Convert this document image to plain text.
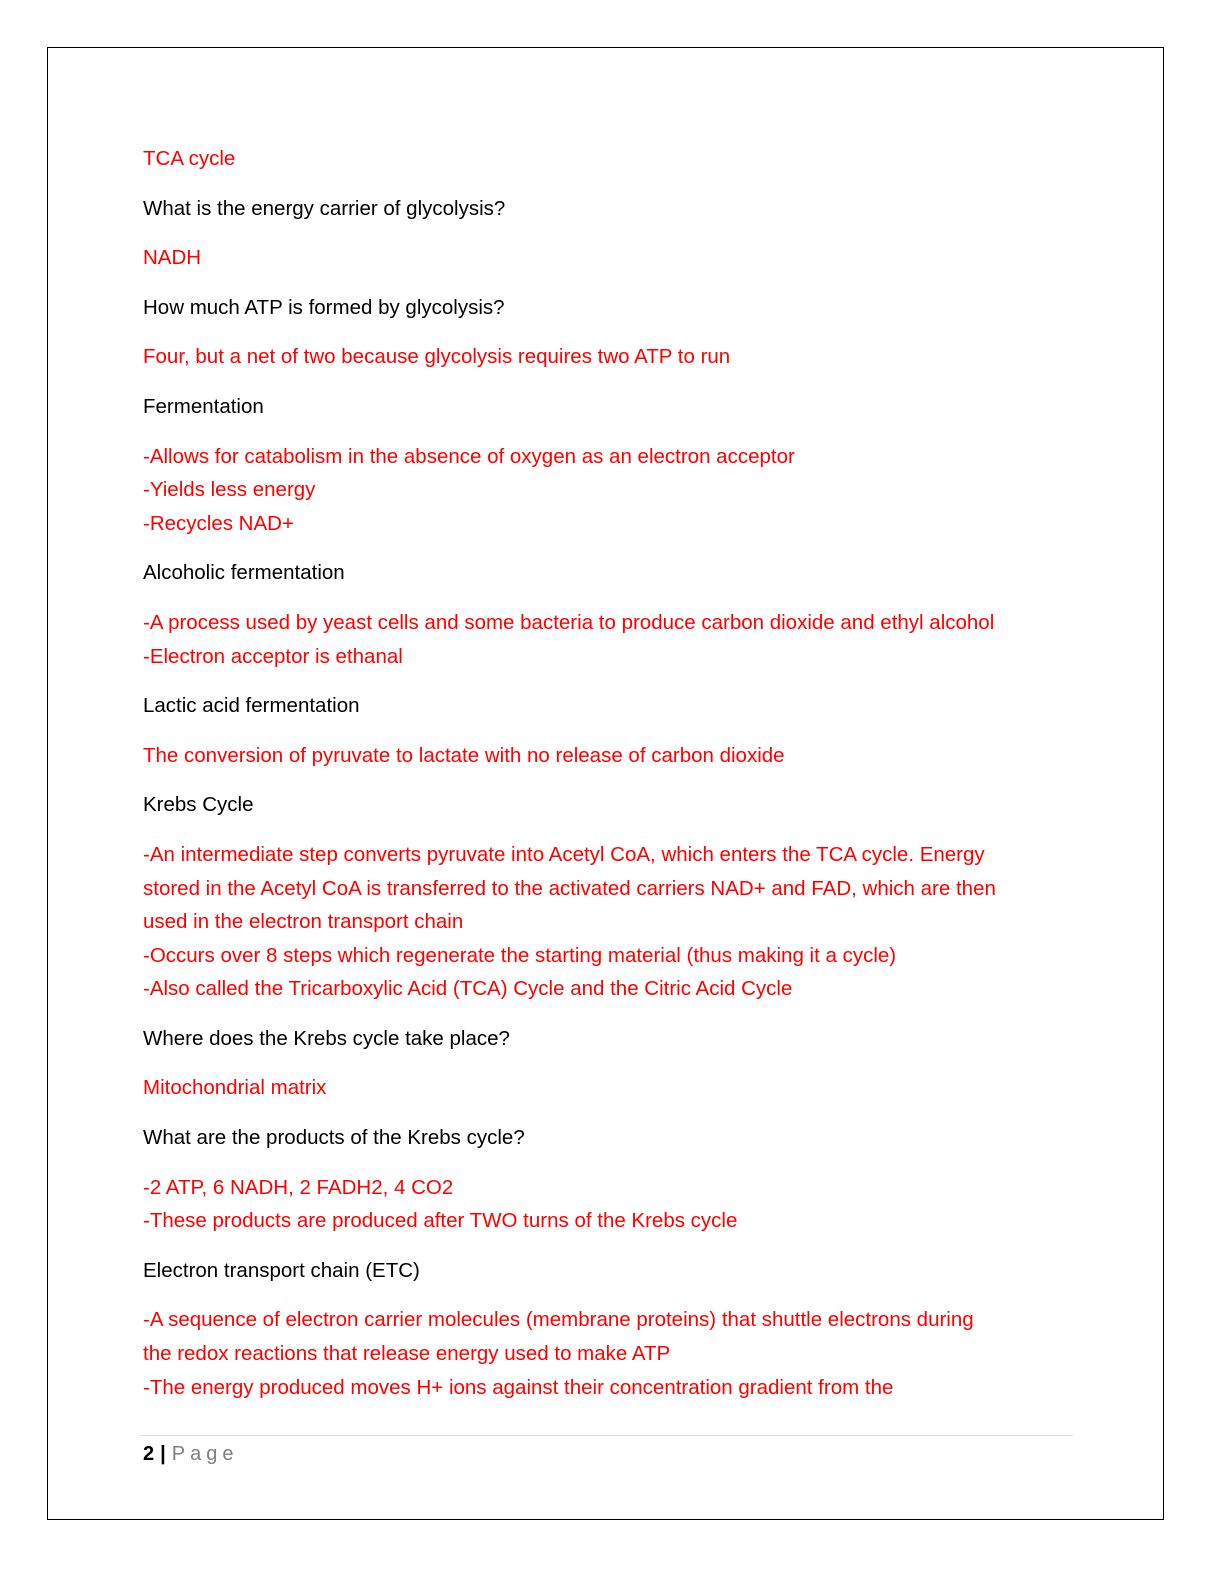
TCA cycle

What is the energy carrier of glycolysis?

NADH

How much ATP is formed by glycolysis?

Four, but a net of two because glycolysis requires two ATP to run

Fermentation

-Allows for catabolism in the absence of oxygen as an electron acceptor

-Yields less energy

-Recycles NAD+

Alcoholic fermentation

-A process used by yeast cells and some bacteria to produce carbon dioxide and ethyl alcohol

-Electron acceptor is ethanal

Lactic acid fermentation

The conversion of pyruvate to lactate with no release of carbon dioxide

Krebs Cycle

-An intermediate step converts pyruvate into Acetyl CoA, which enters the TCA cycle. Energy

stored in the Acetyl CoA is transferred to the activated carriers NAD+ and FAD, which are then

used in the electron transport chain

-Occurs over 8 steps which regenerate the starting material (thus making it a cycle)

-Also called the Tricarboxylic Acid (TCA) Cycle and the Citric Acid Cycle

Where does the Krebs cycle take place?

Mitochondrial matrix

What are the products of the Krebs cycle?

-2 ATP, 6 NADH, 2 FADH2, 4 CO2

-These products are produced after TWO turns of the Krebs cycle

Electron transport chain (ETC)

-A sequence of electron carrier molecules (membrane proteins) that shuttle electrons during

the redox reactions that release energy used to make ATP

-The energy produced moves H+ ions against their concentration gradient from the

2 | Page
